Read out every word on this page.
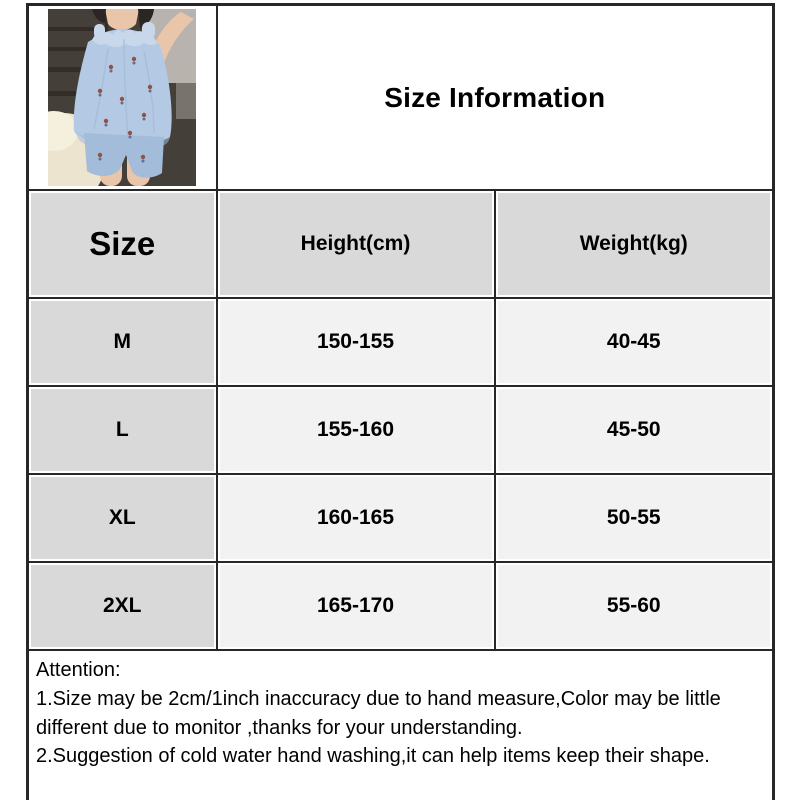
	Size Information	
Size	Height(cm)	Weight(kg)
M	150-155	40-45
L	155-160	45-50
XL	160-165	50-55
2XL	165-170	55-60

Attention:
1.Size may be 2cm/1inch inaccuracy due to hand measure,Color may be little different due to monitor ,thanks for your understanding.
2.Suggestion of cold water hand washing,it can help items keep their shape.		
